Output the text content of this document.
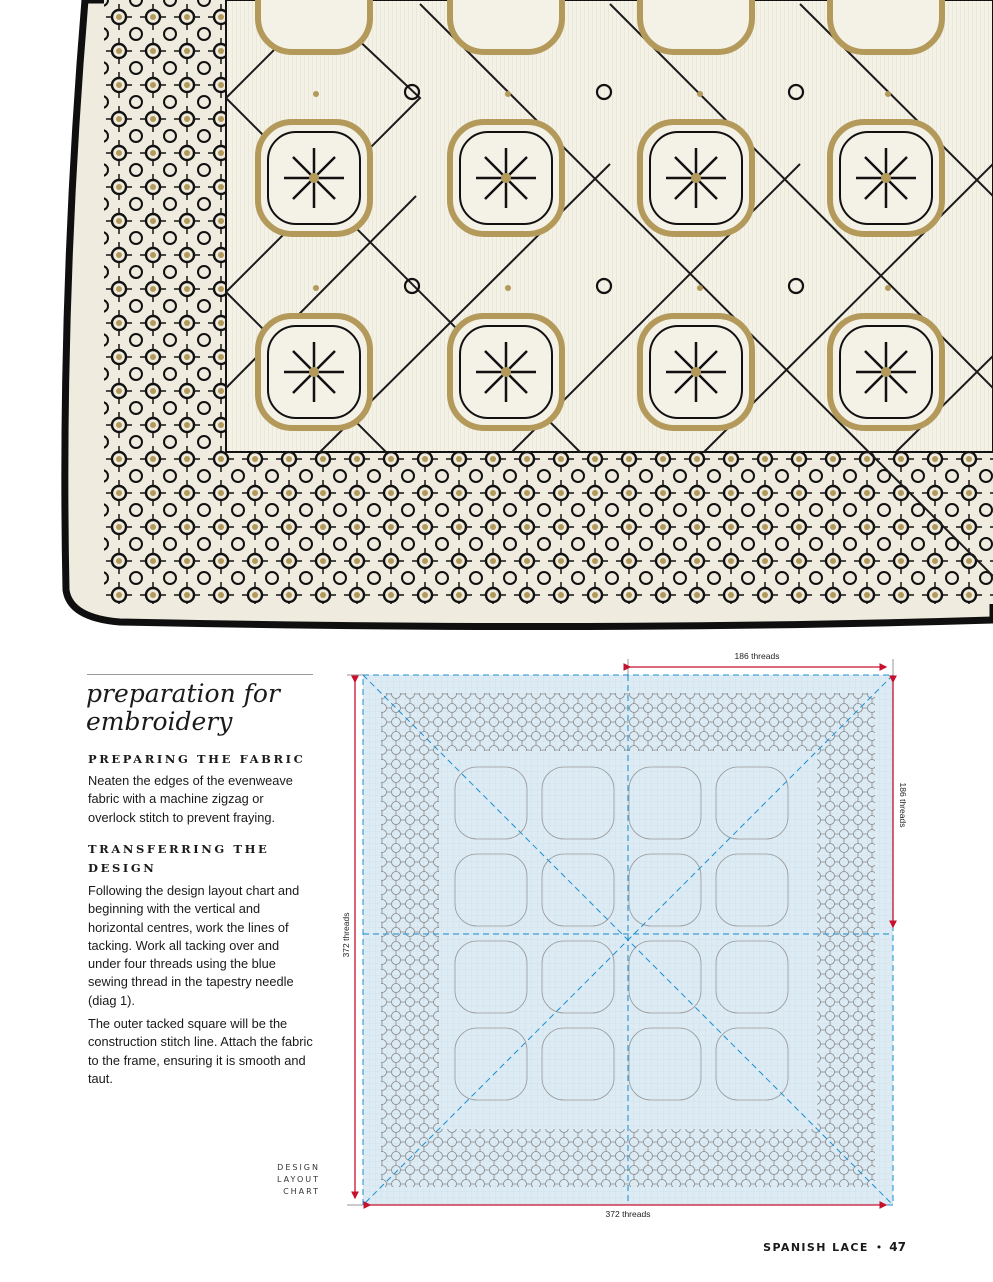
preparation for
embroidery
PREPARING THE FABRIC

Neaten the edges of the evenweave fabric with a machine zigzag or overlock stitch to prevent fraying.

TRANSFERRING THE
DESIGN

Following the design layout chart and beginning with the vertical and horizontal centres, work the lines of tacking. Work all tacking over and under four threads using the blue sewing thread in the tapestry needle (diag 1).

The outer tacked square will be the construction stitch line. Attach the fabric to the frame, ensuring it is smooth and taut.

DESIGN
LAYOUT
CHART
186 threads
186 threads
372 threads
372 threads
SPANISH LACE • 47
